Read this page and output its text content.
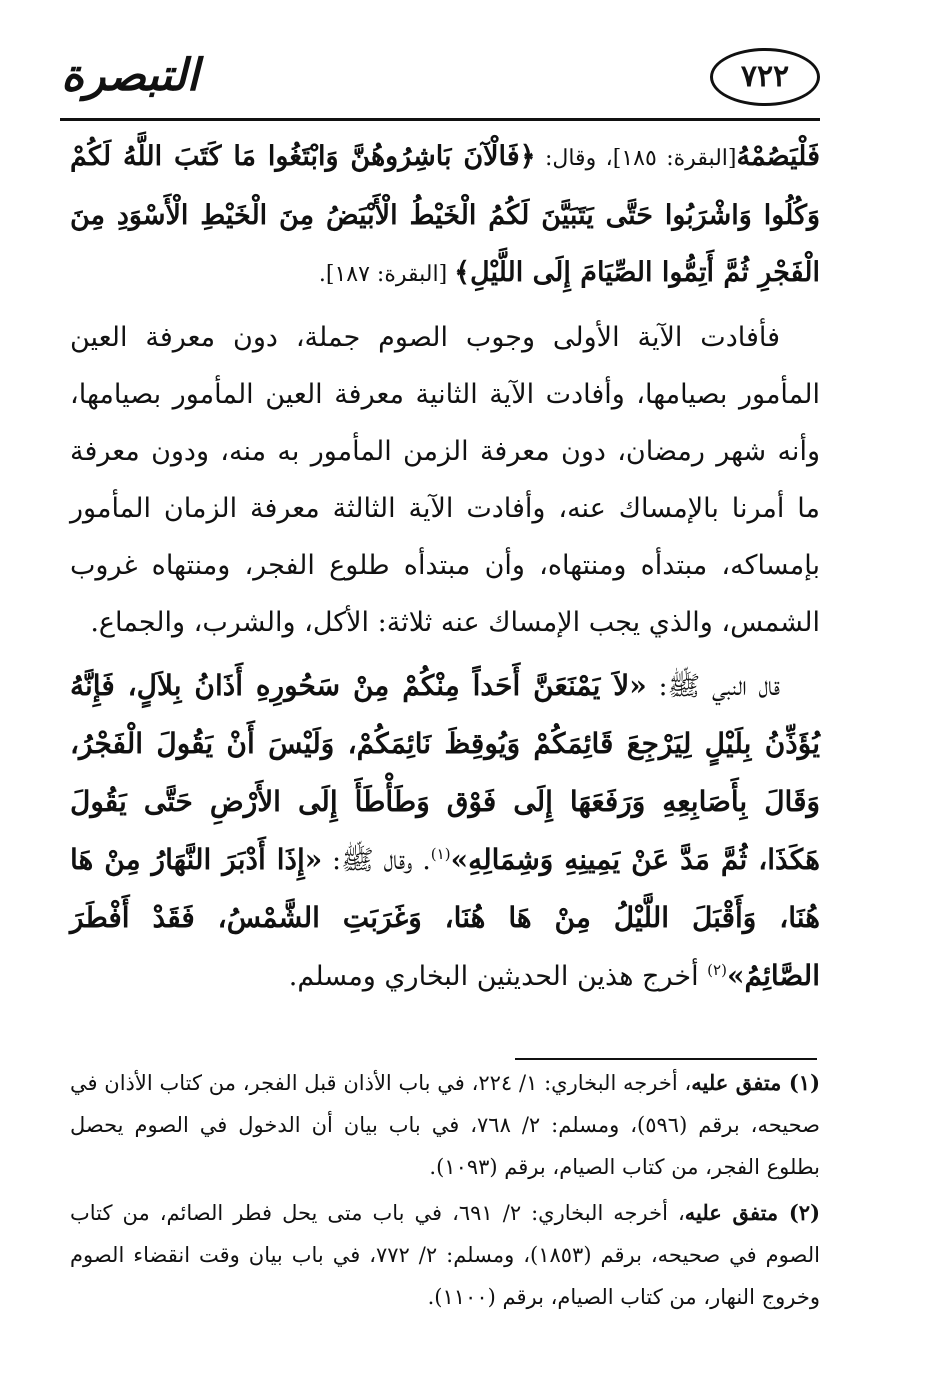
التبصرة	٧٢٢

فَلْيَصُمْهُ[البقرة: ١٨٥]، وقال: ﴿فَالْآنَ بَاشِرُوهُنَّ وَابْتَغُوا مَا كَتَبَ اللَّهُ لَكُمْ وَكُلُوا وَاشْرَبُوا حَتَّى يَتَبَيَّنَ لَكُمُ الْخَيْطُ الْأَبْيَضُ مِنَ الْخَيْطِ الْأَسْوَدِ مِنَ الْفَجْرِ ثُمَّ أَتِمُّوا الصِّيَامَ إِلَى اللَّيْلِ﴾ [البقرة: ١٨٧].

فأفادت الآية الأولى وجوب الصوم جملة، دون معرفة العين المأمور بصيامها، وأفادت الآية الثانية معرفة العين المأمور بصيامها، وأنه شهر رمضان، دون معرفة الزمن المأمور به منه، ودون معرفة ما أمرنا بالإمساك عنه، وأفادت الآية الثالثة معرفة الزمان المأمور بإمساكه، مبتدأه ومنتهاه، وأن مبتدأه طلوع الفجر، ومنتهاه غروب الشمس، والذي يجب الإمساك عنه ثلاثة: الأكل، والشرب، والجماع.

قال النبي ﷺ: «لاَ يَمْنَعَنَّ أَحَداً مِنْكُمْ مِنْ سَحُورِهِ أَذَانُ بِلاَلٍ، فَإِنَّهُ يُؤَذِّنُ بِلَيْلٍ لِيَرْجِعَ قَائِمَكُمْ وَيُوقِظَ نَائِمَكُمْ، وَلَيْسَ أَنْ يَقُولَ الْفَجْرُ، وَقَالَ بِأَصَابِعِهِ وَرَفَعَهَا إِلَى فَوْق وَطَأْطَأَ إِلَى الأَرْضِ حَتَّى يَقُولَ هَكَذَا، ثُمَّ مَدَّ عَنْ يَمِينِهِ وَشِمَالِهِ»$^{(١)}$. وقال ﷺ: «إِذَا أَدْبَرَ النَّهَارُ مِنْ هَا هُنَا، وَأَقْبَلَ اللَّيْلُ مِنْ هَا هُنَا، وَغَرَبَتِ الشَّمْسُ، فَقَدْ أَفْطَرَ الصَّائِمُ»$^{(٢)}$ أخرج هذين الحديثين البخاري ومسلم.

(١) متفق عليه، أخرجه البخاري: ١/ ٢٢٤، في باب الأذان قبل الفجر، من كتاب الأذان في صحيحه، برقم (٥٩٦)، ومسلم: ٢/ ٧٦٨، في باب بيان أن الدخول في الصوم يحصل بطلوع الفجر، من كتاب الصيام، برقم (١٠٩٣).

(٢) متفق عليه، أخرجه البخاري: ٢/ ٦٩١، في باب متى يحل فطر الصائم، من كتاب الصوم في صحيحه، برقم (١٨٥٣)، ومسلم: ٢/ ٧٧٢، في باب بيان وقت انقضاء الصوم وخروج النهار، من كتاب الصيام، برقم (١١٠٠).
